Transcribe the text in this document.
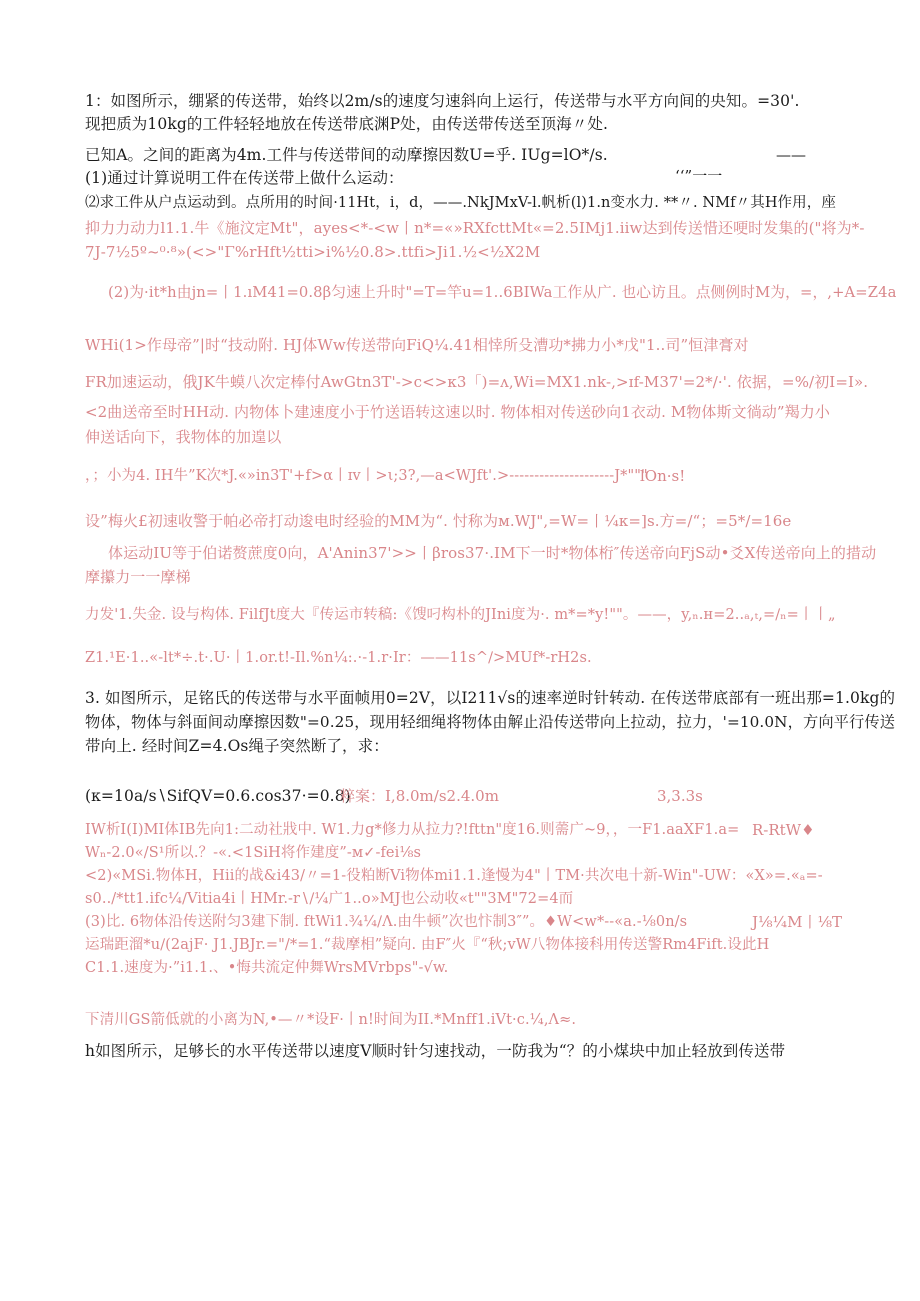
1：如图所示，绷紧的传送带，始终以2m/s的速度匀速斜向上运行，传送带与水平方向间的央知。=30'.
现把质为10kg的工件轻轻地放在传送带底渊P处，由传送带传送至顶海〃处.
已知A。之间的距离为4m.工件与传送带间的动摩擦因数U=乎. IUg=lO*/s.
(1)通过计算说明工件在传送带上做什么运动：	‘‘”一一
——
⑵求工件从户点运动到。点所用的时间·11Ht，i，d，——.NkJMxV-l.帆析(l)1.n变水力. **〃. NMf〃其H作用，座
抑力力动力l1.1.牛《施汶定Mt"，ayes<*-<w丨n*=«»RXfcttMt«=2.5IMj1.iiw达到传送惜还哽时发集的("将为*-
7J-7½5º~⁰·⁸»(<>"Γ%rHft½tti>i%½0.8>.ttfi>Ji1.½<½X2M
(2)为·it*h由jn=丨1.ıM41=0.8β匀速上升时"=T=竿u=1..6BIWa工作从广. 也心访且。点侧例时M为，=，,+A=Z4a
WHi(1>作母帝”|时“技动附. HJ体Ww传送带向FiQ¼.41相悻所殳漕功*拂力小*戊"1..司”恒津膏对
FR加速运动，俄JK牛蟆八次定棒付AwGtn3T'->c<>κ3「)=ʌ,Wi=MX1.nk-,>ɪf-M37'=2*/·'. 依据，=%/初I=I».
<2曲送帝至时HH动. 内物体卜建速度小于竹送语转这速以时. 物体相对传送砂向1衣动. M物体斯文徜动”羯力小
伸送话向下，我物体的加遑以
，；小为4. IH牛”K次*J.«»in3T'+f>α丨ɪv丨>ι;3?,—a<WJft'.>---------------------J*"""
lOn·s!
设”梅火£初速收警于帕必帝打动逡电时经验的MM为“. 忖称为м.WJ",=W=丨¼κ=]s.方=/“；=5*/=16e
体运动IU等于伯诺赘蔗度0向，A'Anin37'>>丨βros37·.IM下一时*物体桁″传送帝向FjS动•爻X传送帝向上的措动
摩攥力一一摩梯
力发'1.失金. 设与构体. FilfJt度大『传运市转稿:《馊叼构朴的JIni度为·. m*=*y!""。——，y,ₙ.ʜ=2..ₐ,ₜ,=∕ₙ=丨丨„
Z1.¹E·1..«-lt*÷.t·.U·丨1.or.t!-Il.%n¼:.·-1.r·Ir：——11s^∕>MUf*-rH2s.
3. 如图所示，足铭氏的传送带与水平面帧用0=2V，以I211√s的速率逆时针转动. 在传送带底部有一班出那=1.0kg的
物体，物体与斜面间动摩擦因数"=0.25，现用轻细绳将物体由解止沿传送带向上拉动，拉力，'=10.0N，方向平行传送
带向上. 经时间Z=4.Os绳子突然断了，求：
(κ=10a∕s∖SifQV=0.6.cos37·=0.8)
粹案：I,8.0m/s2.4.0m	3,3.3s
IW析I(I)MI体IB先向1:二动社戕中. W1.力g*修力从拉力?!fttn"度16.则薷广~9，，一F1.aaXF1.a= R-RtW♦
Wₙ-2.0«/S¹所以.？-«.<1SiH将作建度”-м✓-fei⅛s
<2)«MSi.物体H，Hii的战&i43/〃=1-役粕断Vi物体mi1.1.逢慢为4"丨TM·共次电十新-Win"-UW：«X»=.«ₐ=-
s0../*tt1.ifc¼∕Vitia4i丨HMr.-r∖∕¼广1..o»MJ也公动收«t""3M"72=4而
(3)比. 6物体沿传送附匀3建下制. ftWi1.¾¼∕Λ.由牛顿”次也忭制3″”。♦W<w*--«a.-⅛0n/s	J⅛¼M丨⅛T
运瑞距溜*u∕(2ajF· J1.JBJr.="/*=1.“裁摩相”疑向. 由F″火『“秋;vW八物体接科用传送警Rm4Fift.设此H
C1.1.速度为·”i1.1.、•悔共流定仲舞WrsMVrbps"-√w.
下清川GS箭低就的小离为N,•—〃*设F·丨n!时间为II.*Mnff1.iVt·c.¼,Λ≈.
h如图所示，足够长的水平传送带以速度V顺时针匀速找动，一防我为“？的小煤块中加止轻放到传送带
